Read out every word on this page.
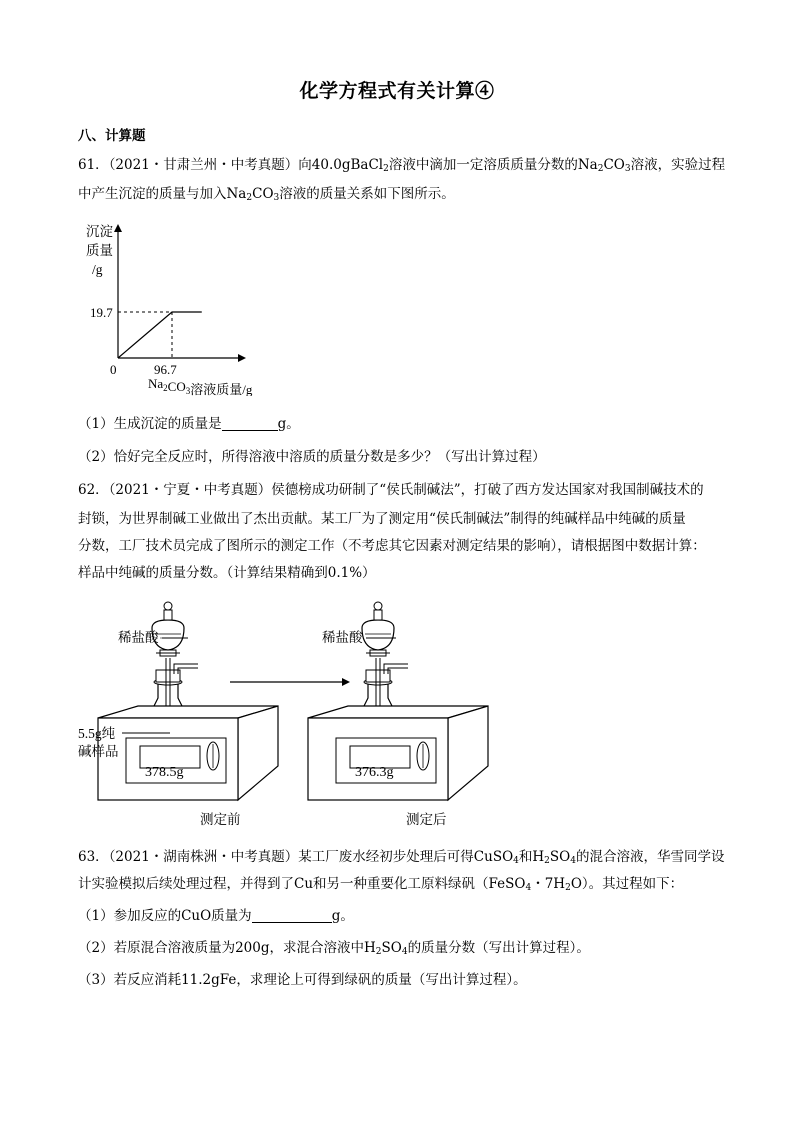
化学方程式有关计算④
八、计算题
61．（2021・甘肃兰州・中考真题）向40.0gBaCl$_2$溶液中滴加一定溶质质量分数的$Na_2CO_3$溶液，实验过程
中产生沉淀的质量与加入$Na_2CO_3$溶液的质量关系如下图所示。
19.7
96.7
0
沉淀
质量
/g
$Na_2CO_3$溶液质量/g
（1）生成沉淀的质量是	g。
（2）恰好完全反应时，所得溶液中溶质的质量分数是多少？（写出计算过程）
62．（2021・宁夏・中考真题）侯德榜成功研制了“侯氏制碱法”，打破了西方发达国家对我国制碱技术的
封锁，为世界制碱工业做出了杰出贡献。某工厂为了测定用“侯氏制碱法”制得的纯碱样品中纯碱的质量
分数，工厂技术员完成了图所示的测定工作（不考虑其它因素对测定结果的影响），请根据图中数据计算：
样品中纯碱的质量分数。（计算结果精确到0.1%）
稀盐酸
378.5g
5.5g纯
碱样品
测定前
稀盐酸
376.3g
测定后
63．（2021・湖南株洲・中考真题）某工厂废水经初步处理后可得CuSO$_4$和$H_2SO_4$的混合溶液，华雪同学设
计实验模拟后续处理过程，并得到了Cu和另一种重要化工原料绿矾（FeSO$_4$・$7H_2O$）。其过程如下：
（1）参加反应的CuO质量为	g。
（2）若原混合溶液质量为200g，求混合溶液中$H_2SO_4$的质量分数（写出计算过程）。
（3）若反应消耗11.2gFe，求理论上可得到绿矾的质量（写出计算过程）。
